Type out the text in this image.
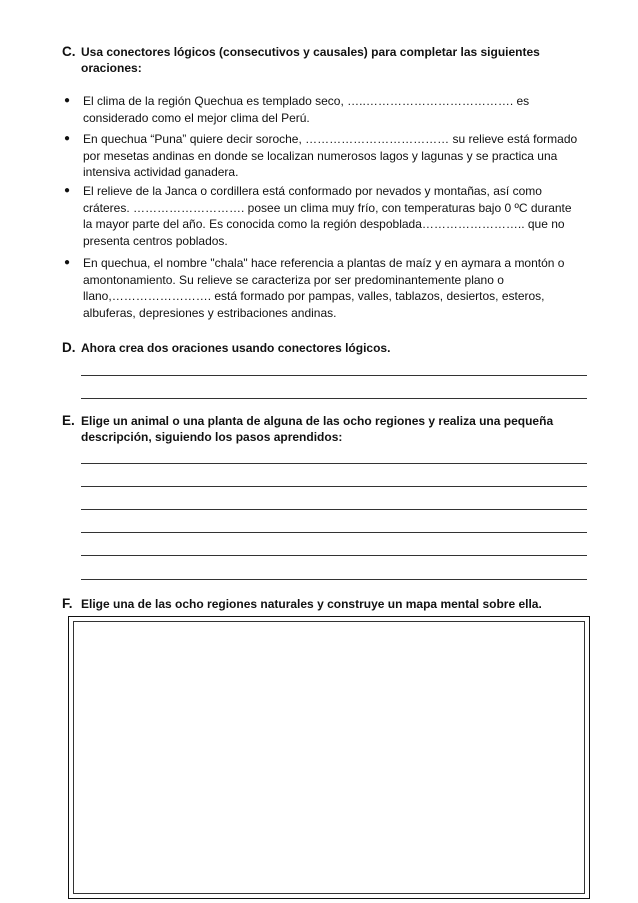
C. Usa conectores lógicos (consecutivos y causales) para completar las siguientes oraciones:
●	El clima de la región Quechua es templado seco, …..………………………………. es considerado como el mejor clima del Perú.
●	En quechua “Puna” quiere decir soroche, ……………………………… su relieve está formado por mesetas andinas en donde se localizan numerosos lagos y lagunas y se practica una intensiva actividad ganadera.
●	El relieve de la Janca o cordillera está conformado por nevados y montañas, así como cráteres. ………………………. posee un clima muy frío, con temperaturas bajo 0 ºC durante la mayor parte del año. Es conocida como la región despoblada…………………….. que no presenta centros poblados.
●	En quechua, el nombre "chala" hace referencia a plantas de maíz y en aymara a montón o amontonamiento. Su relieve se caracteriza por ser predominantemente plano o llano,……………………. está formado por pampas, valles, tablazos, desiertos, esteros, albuferas, depresiones y estribaciones andinas.
D. Ahora crea dos oraciones usando conectores lógicos.
E. Elige un animal o una planta de alguna de las ocho regiones y realiza una pequeña descripción, siguiendo los pasos aprendidos:
F. Elige una de las ocho regiones naturales y construye un mapa mental sobre ella.
